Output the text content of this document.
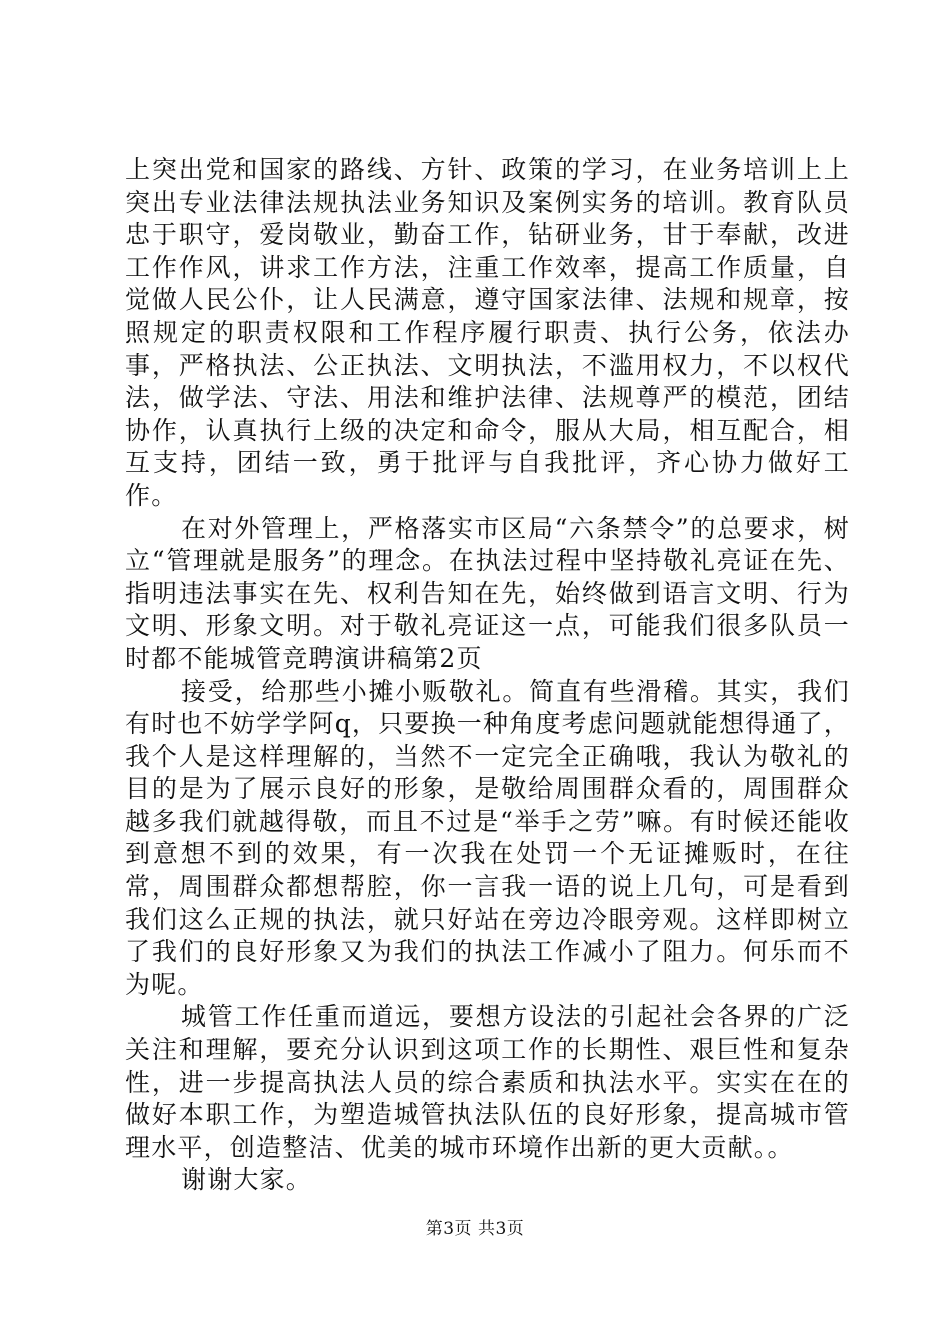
上突出党和国家的路线、方针、政策的学习，在业务培训上上突出专业法律法规执法业务知识及案例实务的培训。教育队员忠于职守，爱岗敬业，勤奋工作，钻研业务，甘于奉献，改进工作作风，讲求工作方法，注重工作效率，提高工作质量，自觉做人民公仆，让人民满意，遵守国家法律、法规和规章，按照规定的职责权限和工作程序履行职责、执行公务，依法办事，严格执法、公正执法、文明执法，不滥用权力，不以权代法，做学法、守法、用法和维护法律、法规尊严的模范，团结协作，认真执行上级的决定和命令，服从大局，相互配合，相互支持，团结一致，勇于批评与自我批评，齐心协力做好工作。

在对外管理上，严格落实市区局“六条禁令”的总要求，树立“管理就是服务”的理念。在执法过程中坚持敬礼亮证在先、指明违法事实在先、权利告知在先，始终做到语言文明、行为文明、形象文明。对于敬礼亮证这一点，可能我们很多队员一时都不能城管竞聘演讲稿第2页

接受，给那些小摊小贩敬礼。简直有些滑稽。其实，我们有时也不妨学学阿q，只要换一种角度考虑问题就能想得通了，我个人是这样理解的，当然不一定完全正确哦，我认为敬礼的目的是为了展示良好的形象，是敬给周围群众看的，周围群众越多我们就越得敬，而且不过是“举手之劳”嘛。有时候还能收到意想不到的效果，有一次我在处罚一个无证摊贩时，在往常，周围群众都想帮腔，你一言我一语的说上几句，可是看到我们这么正规的执法，就只好站在旁边冷眼旁观。这样即树立了我们的良好形象又为我们的执法工作减小了阻力。何乐而不为呢。

城管工作任重而道远，要想方设法的引起社会各界的广泛关注和理解，要充分认识到这项工作的长期性、艰巨性和复杂性，进一步提高执法人员的综合素质和执法水平。实实在在的做好本职工作，为塑造城管执法队伍的良好形象，提高城市管理水平，创造整洁、优美的城市环境作出新的更大贡献。。

谢谢大家。

第3页 共3页
